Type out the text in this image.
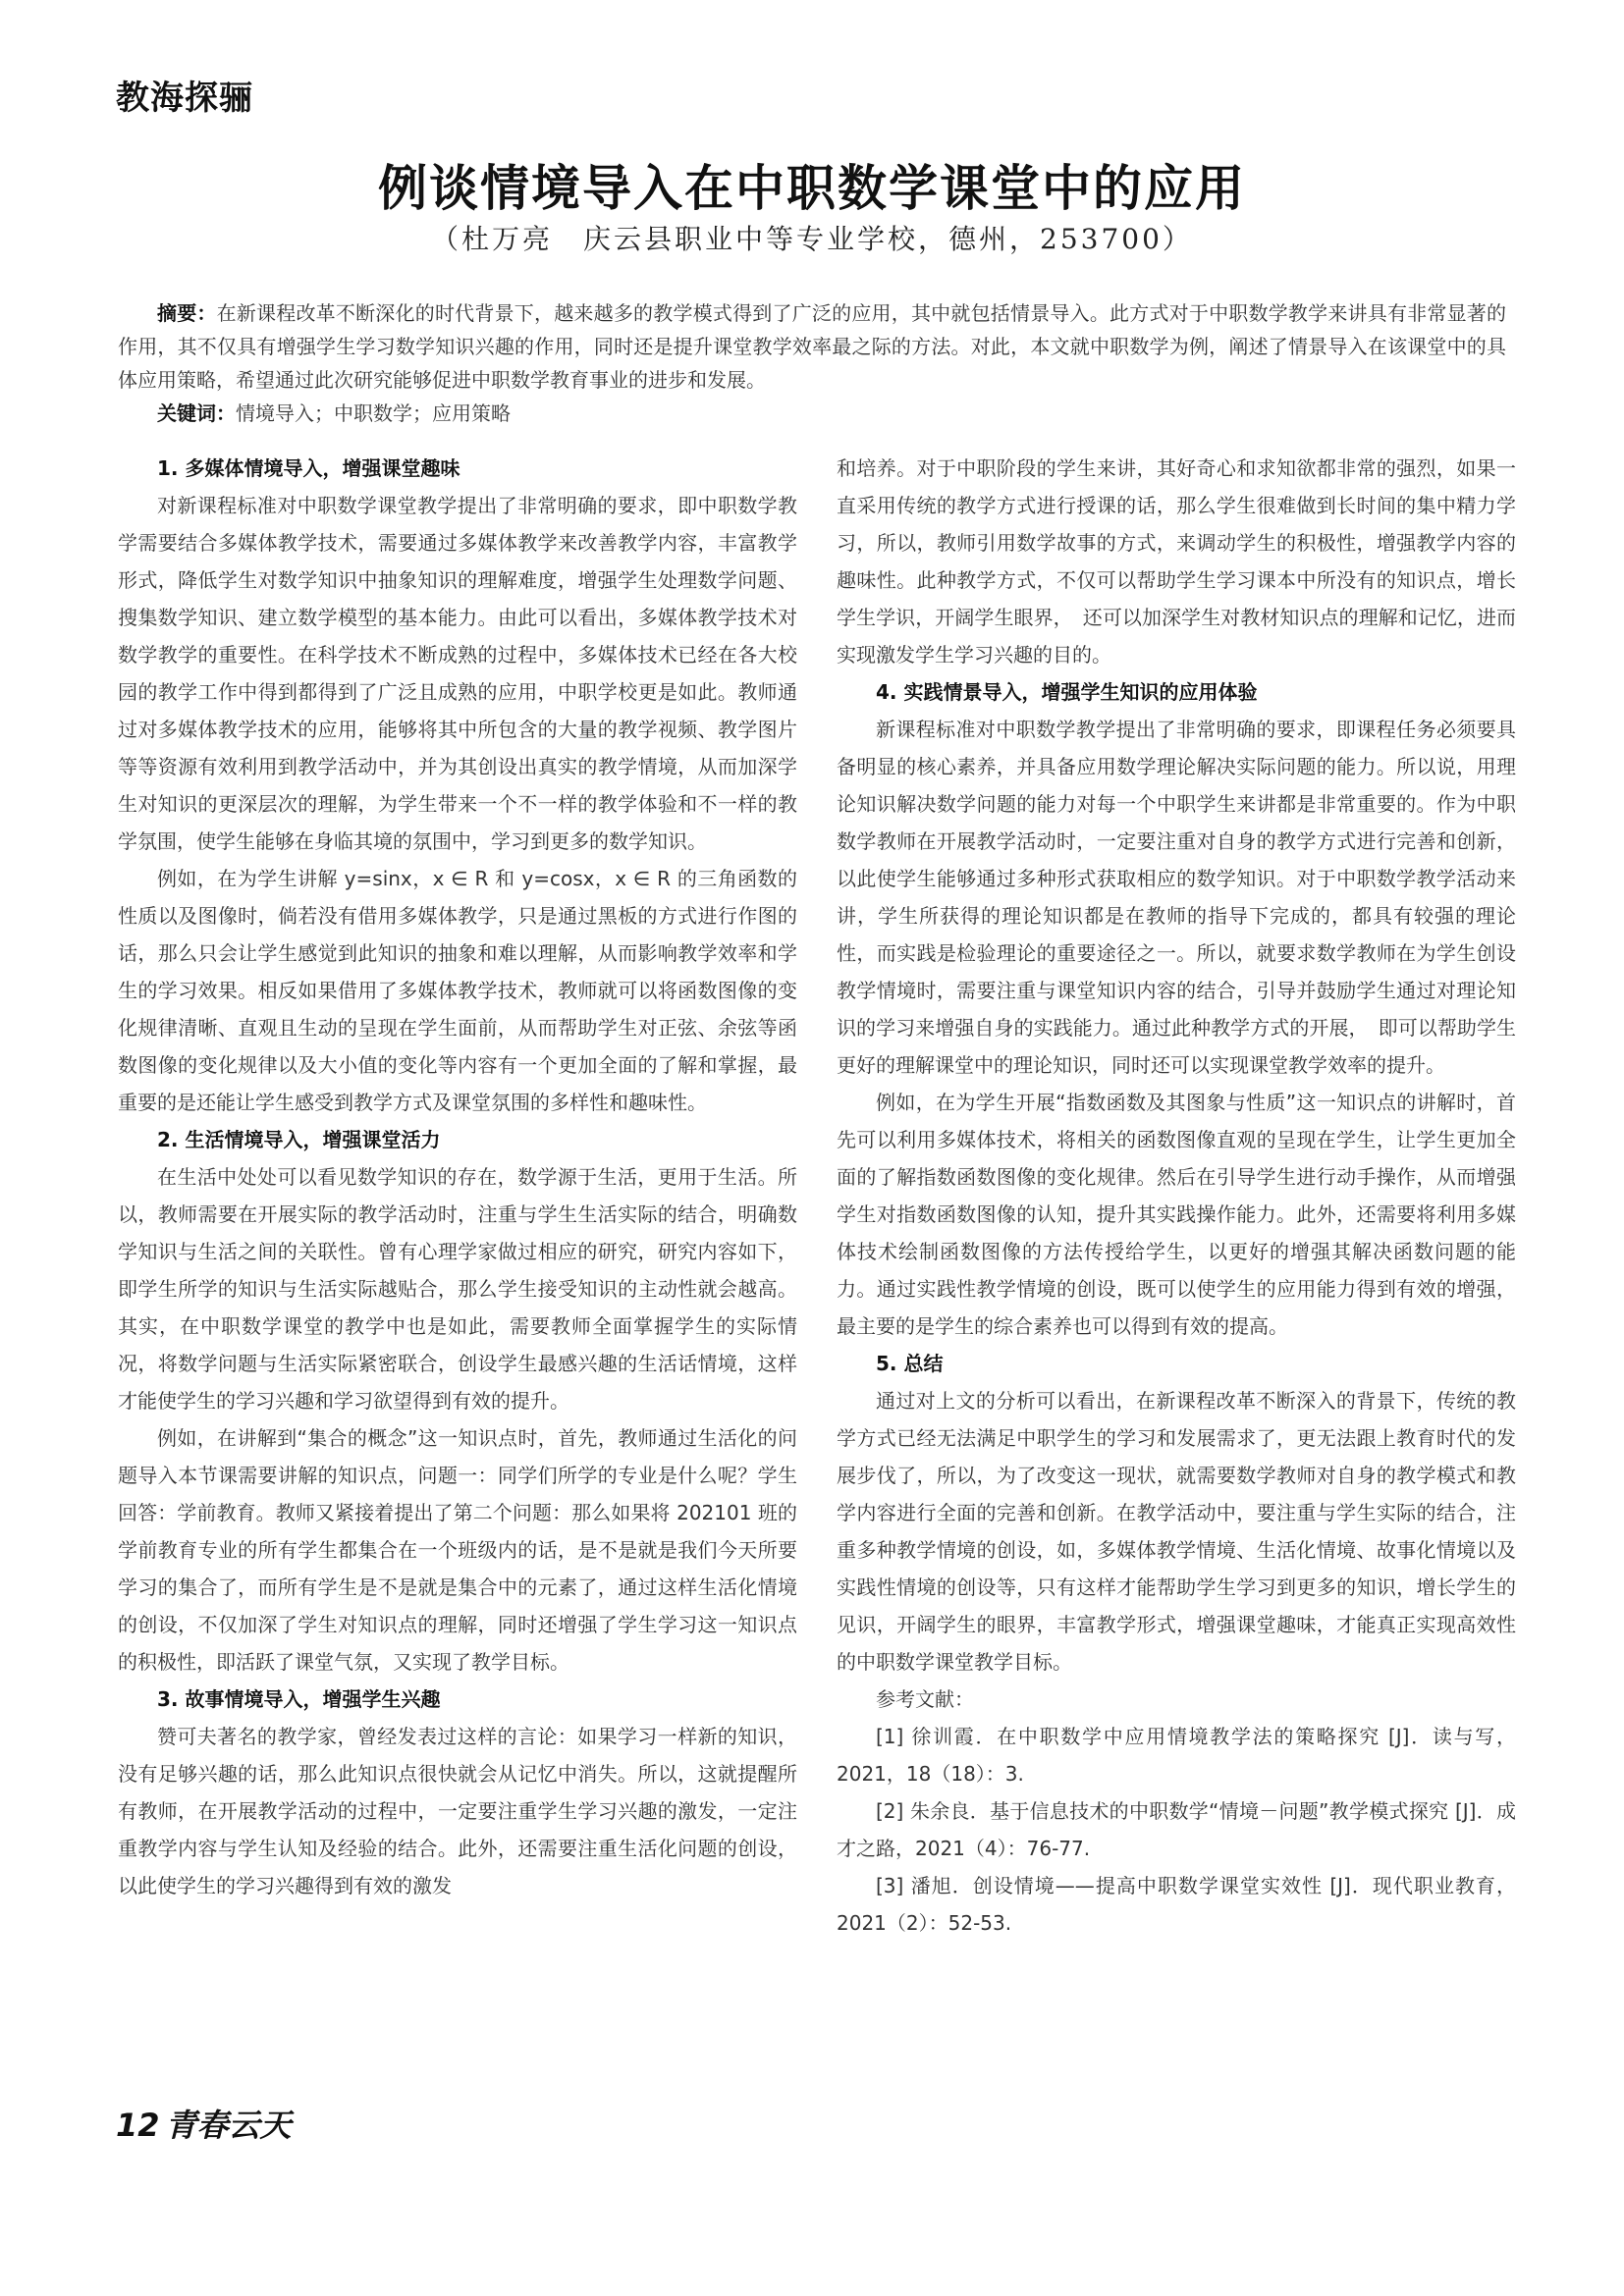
教海探骊
例谈情境导入在中职数学课堂中的应用
（杜万亮　庆云县职业中等专业学校，德州，253700）

摘要：在新课程改革不断深化的时代背景下，越来越多的教学模式得到了广泛的应用，其中就包括情景导入。此方式对于中职数学教学来讲具有非常显著的作用，其不仅具有增强学生学习数学知识兴趣的作用，同时还是提升课堂教学效率最之际的方法。对此，本文就中职数学为例，阐述了情景导入在该课堂中的具体应用策略，希望通过此次研究能够促进中职数学教育事业的进步和发展。

关键词：情境导入；中职数学；应用策略

1. 多媒体情境导入，增强课堂趣味

对新课程标准对中职数学课堂教学提出了非常明确的要求，即中职数学教学需要结合多媒体教学技术，需要通过多媒体教学来改善教学内容，丰富教学形式，降低学生对数学知识中抽象知识的理解难度，增强学生处理数学问题、搜集数学知识、建立数学模型的基本能力。由此可以看出，多媒体教学技术对数学教学的重要性。在科学技术不断成熟的过程中，多媒体技术已经在各大校园的教学工作中得到都得到了广泛且成熟的应用，中职学校更是如此。教师通过对多媒体教学技术的应用，能够将其中所包含的大量的教学视频、教学图片等等资源有效利用到教学活动中，并为其创设出真实的教学情境，从而加深学生对知识的更深层次的理解，为学生带来一个不一样的教学体验和不一样的教学氛围，使学生能够在身临其境的氛围中，学习到更多的数学知识。

例如，在为学生讲解 y=sinx，x ∈ R 和 y=cosx，x ∈ R 的三角函数的性质以及图像时，倘若没有借用多媒体教学，只是通过黑板的方式进行作图的话，那么只会让学生感觉到此知识的抽象和难以理解，从而影响教学效率和学生的学习效果。相反如果借用了多媒体教学技术，教师就可以将函数图像的变化规律清晰、直观且生动的呈现在学生面前，从而帮助学生对正弦、余弦等函数图像的变化规律以及大小值的变化等内容有一个更加全面的了解和掌握，最重要的是还能让学生感受到教学方式及课堂氛围的多样性和趣味性。

2. 生活情境导入，增强课堂活力

在生活中处处可以看见数学知识的存在，数学源于生活，更用于生活。所以，教师需要在开展实际的教学活动时，注重与学生生活实际的结合，明确数学知识与生活之间的关联性。曾有心理学家做过相应的研究，研究内容如下，即学生所学的知识与生活实际越贴合，那么学生接受知识的主动性就会越高。其实，在中职数学课堂的教学中也是如此，需要教师全面掌握学生的实际情况，将数学问题与生活实际紧密联合，创设学生最感兴趣的生活话情境，这样才能使学生的学习兴趣和学习欲望得到有效的提升。

例如，在讲解到“集合的概念”这一知识点时，首先，教师通过生活化的问题导入本节课需要讲解的知识点，问题一：同学们所学的专业是什么呢？学生回答：学前教育。教师又紧接着提出了第二个问题：那么如果将 202101 班的学前教育专业的所有学生都集合在一个班级内的话，是不是就是我们今天所要学习的集合了，而所有学生是不是就是集合中的元素了，通过这样生活化情境的创设，不仅加深了学生对知识点的理解，同时还增强了学生学习这一知识点的积极性，即活跃了课堂气氛，又实现了教学目标。

3. 故事情境导入，增强学生兴趣

赞可夫著名的教学家，曾经发表过这样的言论：如果学习一样新的知识，没有足够兴趣的话，那么此知识点很快就会从记忆中消失。所以，这就提醒所有教师，在开展教学活动的过程中，一定要注重学生学习兴趣的激发，一定注重教学内容与学生认知及经验的结合。此外，还需要注重生活化问题的创设，以此使学生的学习兴趣得到有效的激发

和培养。对于中职阶段的学生来讲，其好奇心和求知欲都非常的强烈，如果一直采用传统的教学方式进行授课的话，那么学生很难做到长时间的集中精力学习，所以，教师引用数学故事的方式，来调动学生的积极性，增强教学内容的趣味性。此种教学方式，不仅可以帮助学生学习课本中所没有的知识点，增长学生学识，开阔学生眼界，　还可以加深学生对教材知识点的理解和记忆，进而实现激发学生学习兴趣的目的。

4. 实践情景导入，增强学生知识的应用体验

新课程标准对中职数学教学提出了非常明确的要求，即课程任务必须要具备明显的核心素养，并具备应用数学理论解决实际问题的能力。所以说，用理论知识解决数学问题的能力对每一个中职学生来讲都是非常重要的。作为中职数学教师在开展教学活动时，一定要注重对自身的教学方式进行完善和创新，以此使学生能够通过多种形式获取相应的数学知识。对于中职数学教学活动来讲，学生所获得的理论知识都是在教师的指导下完成的，都具有较强的理论性，而实践是检验理论的重要途径之一。所以，就要求数学教师在为学生创设教学情境时，需要注重与课堂知识内容的结合，引导并鼓励学生通过对理论知识的学习来增强自身的实践能力。通过此种教学方式的开展，　即可以帮助学生更好的理解课堂中的理论知识，同时还可以实现课堂教学效率的提升。

例如，在为学生开展“指数函数及其图象与性质”这一知识点的讲解时，首先可以利用多媒体技术，将相关的函数图像直观的呈现在学生，让学生更加全面的了解指数函数图像的变化规律。然后在引导学生进行动手操作，从而增强学生对指数函数图像的认知，提升其实践操作能力。此外，还需要将利用多媒体技术绘制函数图像的方法传授给学生，以更好的增强其解决函数问题的能力。通过实践性教学情境的创设，既可以使学生的应用能力得到有效的增强，最主要的是学生的综合素养也可以得到有效的提高。

5. 总结

通过对上文的分析可以看出，在新课程改革不断深入的背景下，传统的教学方式已经无法满足中职学生的学习和发展需求了，更无法跟上教育时代的发展步伐了，所以，为了改变这一现状，就需要数学教师对自身的教学模式和教学内容进行全面的完善和创新。在教学活动中，要注重与学生实际的结合，注重多种教学情境的创设，如，多媒体教学情境、生活化情境、故事化情境以及实践性情境的创设等，只有这样才能帮助学生学习到更多的知识，增长学生的见识，开阔学生的眼界，丰富教学形式，增强课堂趣味，才能真正实现高效性的中职数学课堂教学目标。

参考文献：

[1] 徐训霞．在中职数学中应用情境教学法的策略探究 [J]．读与写，2021，18（18）：3.

[2] 朱余良．基于信息技术的中职数学“情境－问题”教学模式探究 [J]．成才之路，2021（4）：76-77.

[3] 潘旭．创设情境——提高中职数学课堂实效性 [J]．现代职业教育，2021（2）：52-53.

12 青春云天
